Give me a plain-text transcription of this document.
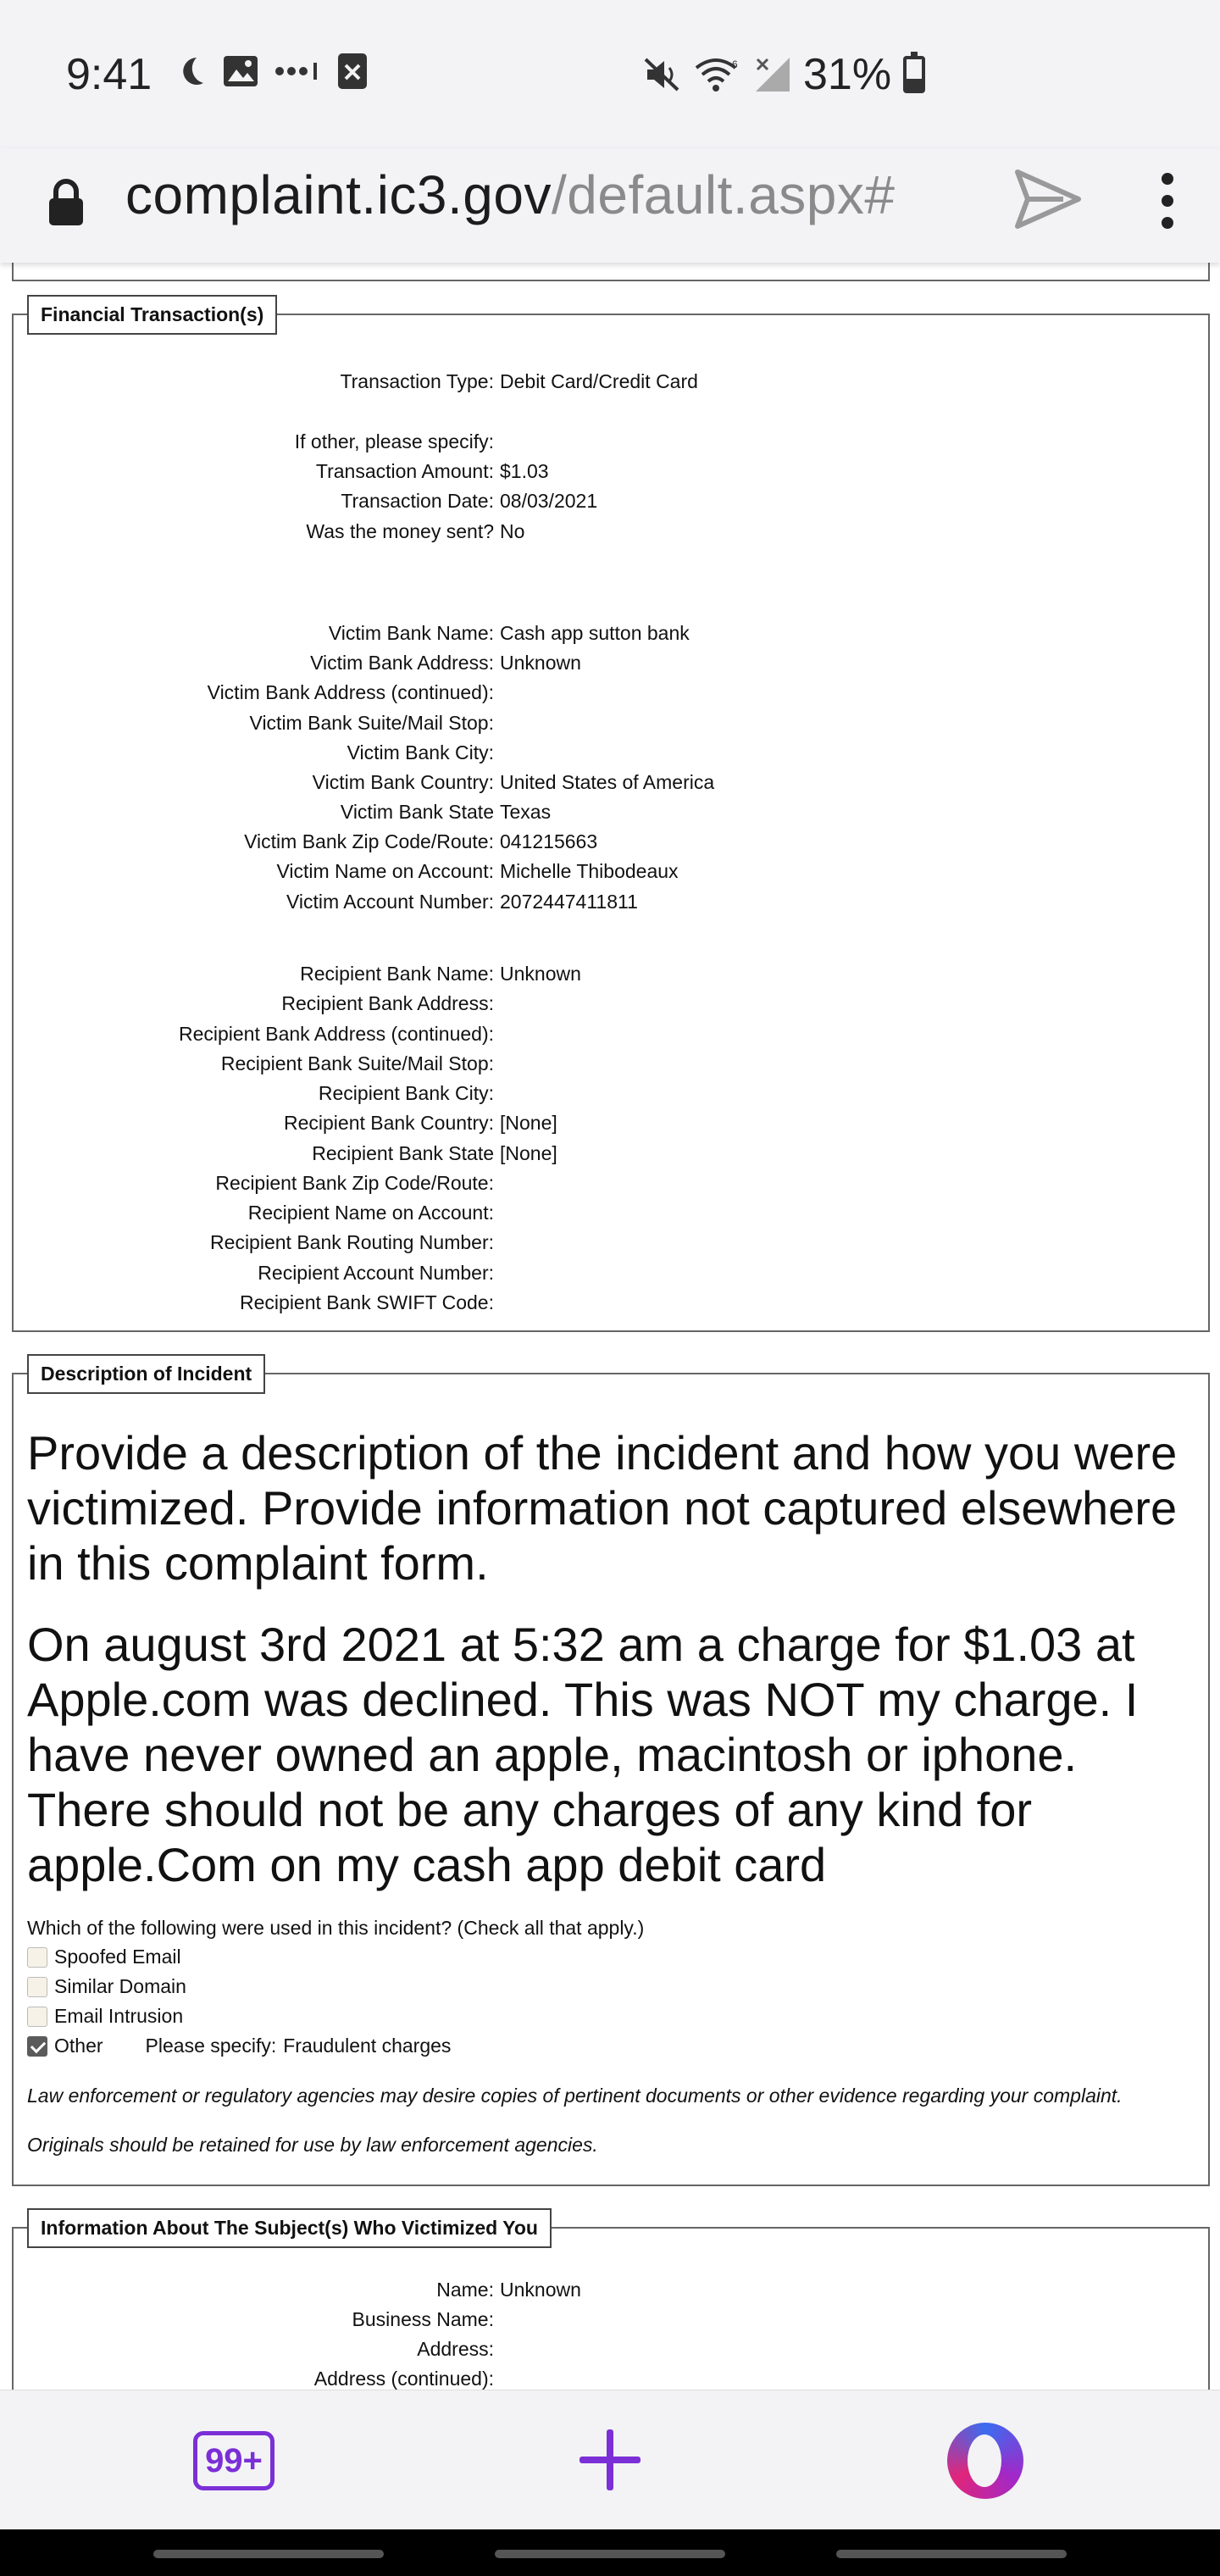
9:41	6 31%
complaint.ic3.gov/default.aspx#
Financial Transaction(s)
Transaction Type: Debit Card/Credit Card
If other, please specify:
Transaction Amount: $1.03
Transaction Date: 08/03/2021
Was the money sent? No
Victim Bank Name: Cash app sutton bank
Victim Bank Address: Unknown
Victim Bank Address (continued):
Victim Bank Suite/Mail Stop:
Victim Bank City:
Victim Bank Country: United States of America
Victim Bank State Texas
Victim Bank Zip Code/Route: 041215663
Victim Name on Account: Michelle Thibodeaux
Victim Account Number: 2072447411811
Recipient Bank Name: Unknown
Recipient Bank Address:
Recipient Bank Address (continued):
Recipient Bank Suite/Mail Stop:
Recipient Bank City:
Recipient Bank Country: [None]
Recipient Bank State [None]
Recipient Bank Zip Code/Route:
Recipient Name on Account:
Recipient Bank Routing Number:
Recipient Account Number:
Recipient Bank SWIFT Code:
Description of Incident
Provide a description of the incident and how you were victimized. Provide information not captured elsewhere in this complaint form.
On august 3rd 2021 at 5:32 am a charge for $1.03 at Apple.com was declined. This was NOT my charge. I have never owned an apple, macintosh or iphone. There should not be any charges of any kind for apple.Com on my cash app debit card
Which of the following were used in this incident? (Check all that apply.)
Spoofed Email
Similar Domain
Email Intrusion
Other Please specify: Fraudulent charges
Law enforcement or regulatory agencies may desire copies of pertinent documents or other evidence regarding your complaint.
Originals should be retained for use by law enforcement agencies.
Information About The Subject(s) Who Victimized You
Name: Unknown
Business Name:
Address:
Address (continued):
99+
